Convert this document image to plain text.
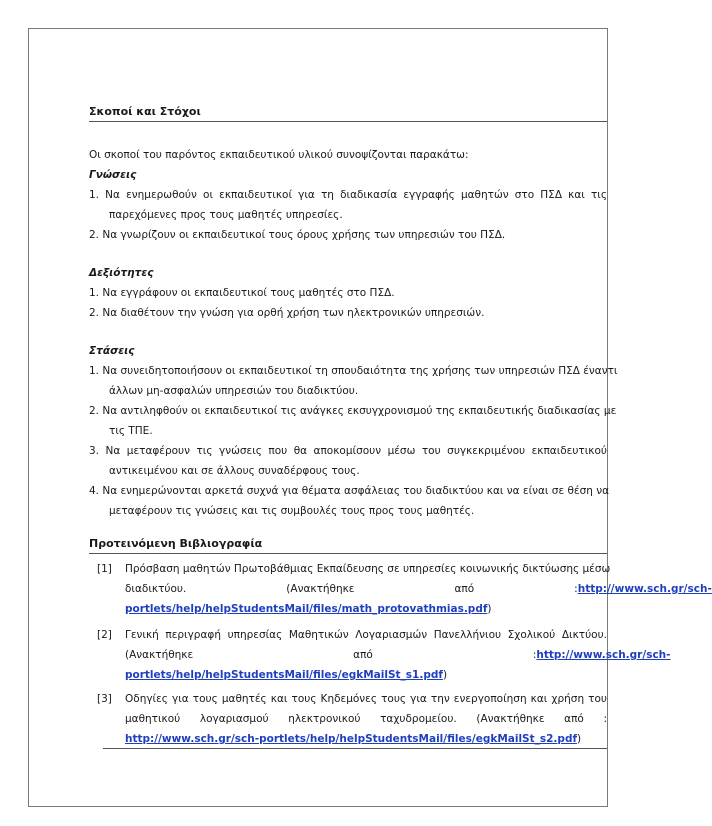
Σκοποί και Στόχοι
Οι σκοποί του παρόντος εκπαιδευτικού υλικού συνοψίζονται παρακάτω:
Γνώσεις
1. Να ενημερωθούν οι εκπαιδευτικοί για τη διαδικασία εγγραφής μαθητών στο ΠΣΔ και τις
παρεχόμενες προς τους μαθητές υπηρεσίες.
2. Να γνωρίζουν οι εκπαιδευτικοί τους όρους χρήσης των υπηρεσιών του ΠΣΔ.
Δεξιότητες
1. Να εγγράφουν οι εκπαιδευτικοί τους μαθητές στο ΠΣΔ.
2. Να διαθέτουν την γνώση για ορθή χρήση των ηλεκτρονικών υπηρεσιών.
Στάσεις
1. Να συνειδητοποιήσουν οι εκπαιδευτικοί τη σπουδαιότητα της χρήσης των υπηρεσιών ΠΣΔ έναντι
άλλων μη-ασφαλών υπηρεσιών του διαδικτύου.
2. Να αντιληφθούν οι εκπαιδευτικοί τις ανάγκες εκσυγχρονισμού της εκπαιδευτικής διαδικασίας με
τις ΤΠΕ.
3. Να μεταφέρουν τις γνώσεις που θα αποκομίσουν μέσω του συγκεκριμένου εκπαιδευτικού
αντικειμένου και σε άλλους συναδέρφους τους.
4. Να ενημερώνονται αρκετά συχνά για θέματα ασφάλειας του διαδικτύου και να είναι σε θέση να
μεταφέρουν τις γνώσεις και τις συμβουλές τους προς τους μαθητές.
Προτεινόμενη Βιβλιογραφία
[1] Πρόσβαση μαθητών Πρωτοβάθμιας Εκπαίδευσης σε υπηρεσίες κοινωνικής δικτύωσης μέσω
διαδικτύου.   (Ανακτήθηκε   από   : http://www.sch.gr/sch-
portlets/help/helpStudentsMail/files/math_protovathmias.pdf)
[2] Γενική περιγραφή υπηρεσίας Μαθητικών Λογαριασμών Πανελλήνιου Σχολικού Δικτύου.
(Ανακτήθηκε   από   : http://www.sch.gr/sch-
portlets/help/helpStudentsMail/files/egkMailSt_s1.pdf)
[3] Οδηγίες για τους μαθητές και τους Κηδεμόνες τους για την ενεργοποίηση και χρήση του
μαθητικού   λογαριασμού   ηλεκτρονικού   ταχυδρομείου.   (Ανακτήθηκε   από   :
http://www.sch.gr/sch-portlets/help/helpStudentsMail/files/egkMailSt_s2.pdf)
